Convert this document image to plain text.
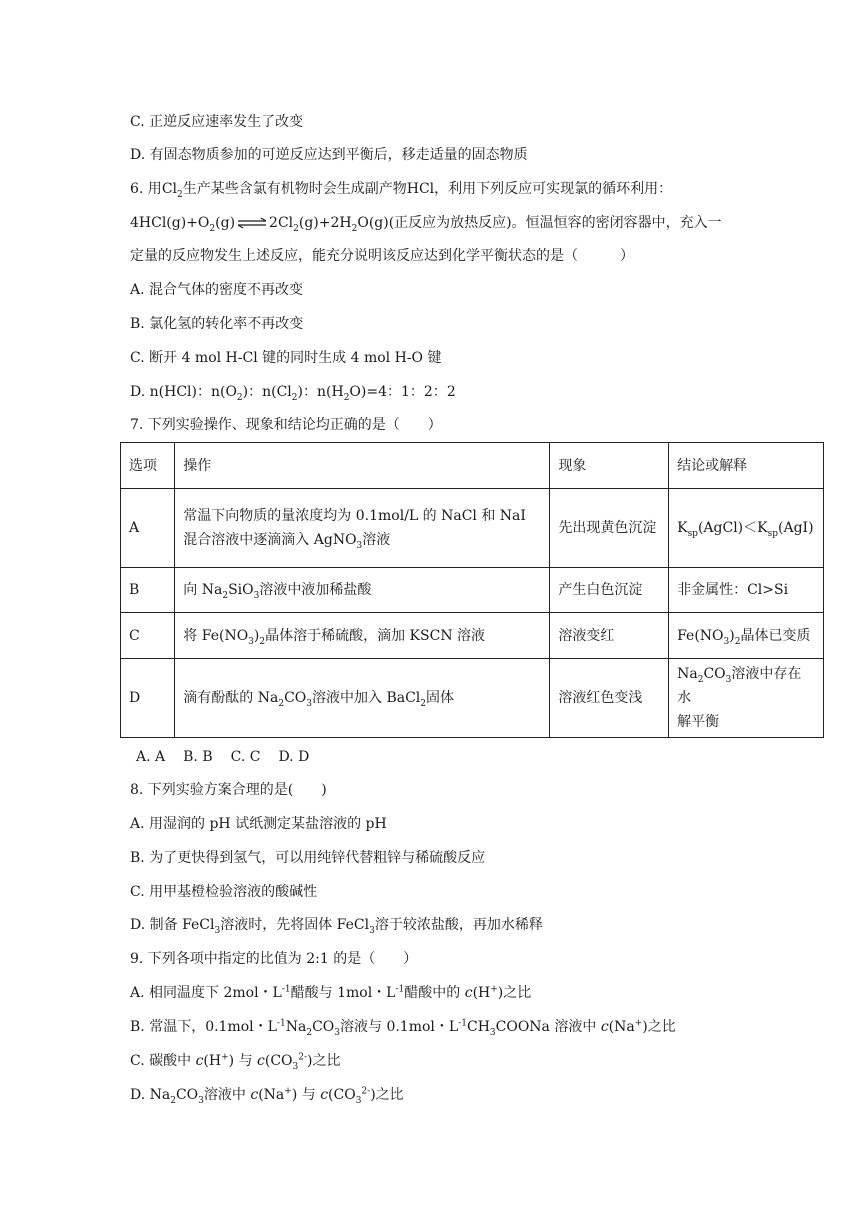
C. 正逆反应速率发生了改变
D. 有固态物质参加的可逆反应达到平衡后，移走适量的固态物质
6. 用$Cl_2$生产某些含氯有机物时会生成副产物HCl，利用下列反应可实现氯的循环利用：
$4HCl(g)+O_2(g)$ ⇌ $2Cl_2(g)+2H_2O(g)$(正反应为放热反应)。恒温恒容的密闭容器中，充入一
定量的反应物发生上述反应，能充分说明该反应达到化学平衡状态的是（　　　）
A. 混合气体的密度不再改变
B. 氯化氢的转化率不再改变
C. 断开 4 mol H-Cl 键的同时生成 4 mol H-O 键
D. n(HCl)：$n(O_2)$：$n(Cl_2)$：$n(H_2O)=4$：1：2：2
7. 下列实验操作、现象和结论均正确的是（　　）
选项	操作	现象	结论或解释
A	常温下向物质的量浓度均为 0.1mol/L 的 NaCl 和 NaI
混合溶液中逐滴滴入 AgNO$_3$溶液	先出现黄色沉淀	$K_{sp}(AgCl)<K_{sp}(AgI)$
B	向 $Na_2SiO_3$溶液中液加稀盐酸	产生白色沉淀	非金属性：Cl>Si
C	将 $Fe(NO_3)_2$晶体溶于稀硫酸，滴加 KSCN 溶液	溶液变红	$Fe(NO_3)_2$晶体已变质
D	滴有酚酞的 $Na_2CO_3$溶液中加入 BaCl$_2$固体	溶液红色变浅	$Na_2CO_3$溶液中存在水
解平衡
A. A B. B C. C D. D
8. 下列实验方案合理的是(　　)
A. 用湿润的 pH 试纸测定某盐溶液的 pH
B. 为了更快得到氢气，可以用纯锌代替粗锌与稀硫酸反应
C. 用甲基橙检验溶液的酸碱性
D. 制备 FeCl$_3$溶液时，先将固体 FeCl$_3$溶于较浓盐酸，再加水稀释
9. 下列各项中指定的比值为 2:1 的是（　　）
A. 相同温度下 2mol・$L^{-1}$醋酸与 1mol・$L^{-1}$醋酸中的 c(H+)之比
B. 常温下，0.1mol・$L^{-1}Na_2CO_3$溶液与 0.1mol・$L^{-1}CH_3COONa$ 溶液中 c(Na+)之比
C. 碳酸中 c(H+) 与 $c(CO_3^{2-})$之比
D. $Na_2CO_3$溶液中 c(Na+) 与 $c(CO_3^{2-})$之比
